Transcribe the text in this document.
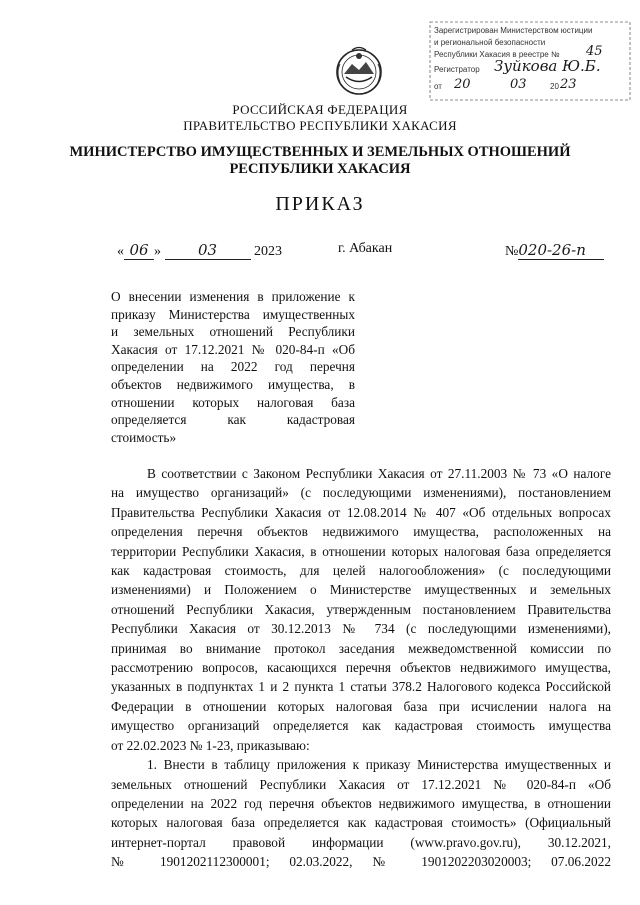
Зарегистрирован Министерством юстиции
и региональной безопасности
Республики Хакасия в реестре № 45
Регистратор Зуйкова Ю.Б.
от 20	03	20 23
РОССИЙСКАЯ ФЕДЕРАЦИЯ
ПРАВИТЕЛЬСТВО РЕСПУБЛИКИ ХАКАСИЯ
МИНИСТЕРСТВО ИМУЩЕСТВЕННЫХ И ЗЕМЕЛЬНЫХ ОТНОШЕНИЙ
РЕСПУБЛИКИ ХАКАСИЯ
ПРИКАЗ
« 06 » 03	2023	г. Абакан	№020-26-п
О внесении изменения в приложение к
приказу Министерства имущественных
и земельных отношений Республики
Хакасия от 17.12.2021 № 020-84-п «Об
определении на 2022 год перечня
объектов недвижимого имущества, в
отношении которых налоговая база
определяется как кадастровая
стоимость»
В соответствии с Законом Республики Хакасия от 27.11.2003 № 73 «О налоге
на имущество организаций» (с последующими изменениями), постановлением
Правительства Республики Хакасия от 12.08.2014 № 407 «Об отдельных вопросах
определения перечня объектов недвижимого имущества, расположенных на
территории Республики Хакасия, в отношении которых налоговая база определяется
как кадастровая стоимость, для целей налогообложения» (с последующими
изменениями) и Положением о Министерстве имущественных и земельных
отношений Республики Хакасия, утвержденным постановлением Правительства
Республики Хакасия от 30.12.2013 № 734 (с последующими изменениями),
принимая во внимание протокол заседания межведомственной комиссии по
рассмотрению вопросов, касающихся перечня объектов недвижимого имущества,
указанных в подпунктах 1 и 2 пункта 1 статьи 378.2 Налогового кодекса Российской
Федерации в отношении которых налоговая база при исчислении налога на
имущество организаций определяется как кадастровая стоимость имущества
от 22.02.2023 № 1-23, приказываю:
1. Внести в таблицу приложения к приказу Министерства имущественных и
земельных отношений Республики Хакасия от 17.12.2021 № 020-84-п «Об
определении на 2022 год перечня объектов недвижимого имущества, в отношении
которых налоговая база определяется как кадастровая стоимость» (Официальный
интернет-портал правовой информации (www.pravo.gov.ru), 30.12.2021,
№ 1901202112300001; 02.03.2022, № 1901202203020003; 07.06.2022
